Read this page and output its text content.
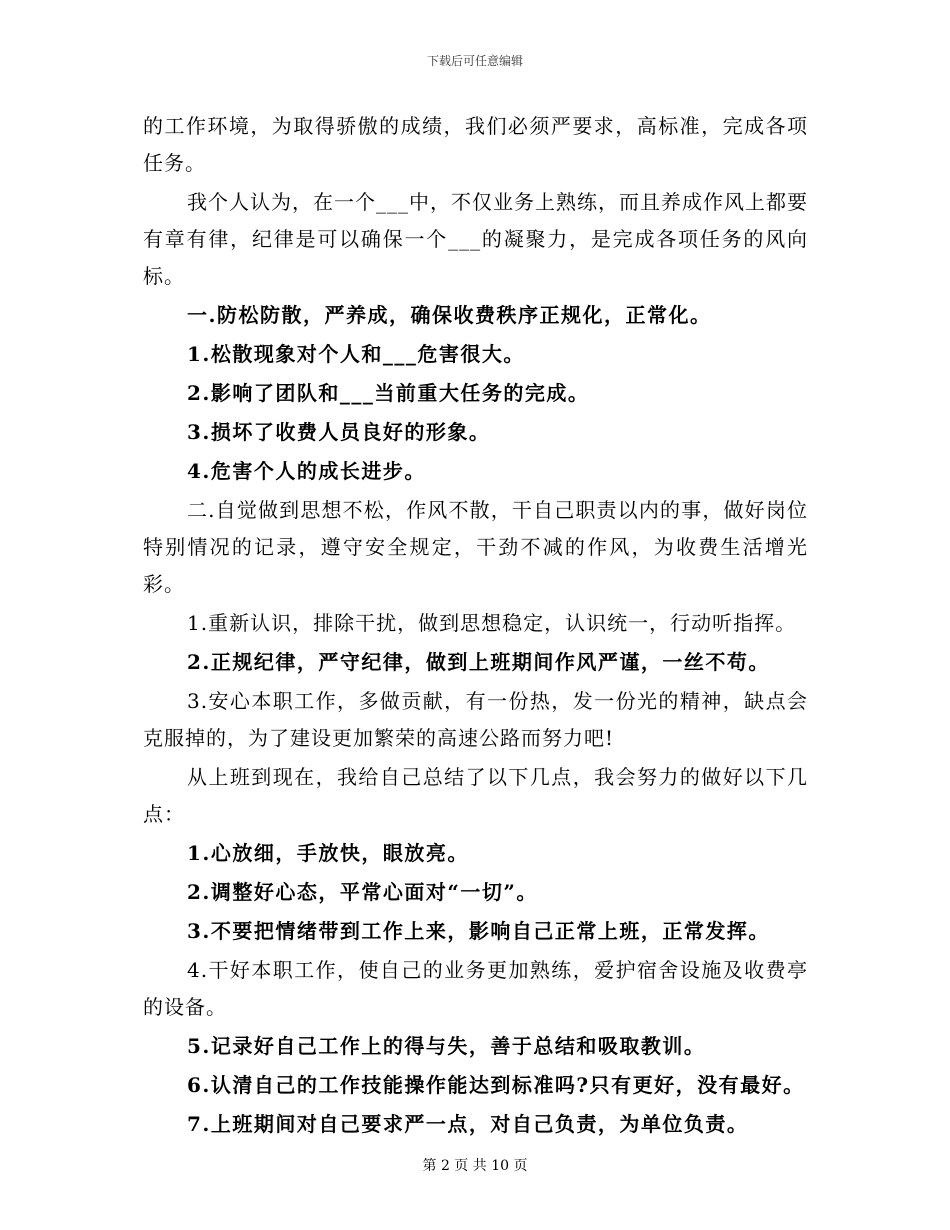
下载后可任意编辑

的工作环境，为取得骄傲的成绩，我们必须严要求，高标准，完成各项任务。

我个人认为，在一个___中，不仅业务上熟练，而且养成作风上都要有章有律，纪律是可以确保一个___的凝聚力，是完成各项任务的风向标。

一.防松防散，严养成，确保收费秩序正规化，正常化。

1.松散现象对个人和___危害很大。

2.影响了团队和___当前重大任务的完成。

3.损坏了收费人员良好的形象。

4.危害个人的成长进步。

二.自觉做到思想不松，作风不散，干自己职责以内的事，做好岗位特别情况的记录，遵守安全规定，干劲不减的作风，为收费生活增光彩。

1.重新认识，排除干扰，做到思想稳定，认识统一，行动听指挥。

2.正规纪律，严守纪律，做到上班期间作风严谨，一丝不苟。

3.安心本职工作，多做贡献，有一份热，发一份光的精神，缺点会克服掉的，为了建设更加繁荣的高速公路而努力吧!

从上班到现在，我给自己总结了以下几点，我会努力的做好以下几点：

1.心放细，手放快，眼放亮。

2.调整好心态，平常心面对“一切”。

3.不要把情绪带到工作上来，影响自己正常上班，正常发挥。

4.干好本职工作，使自己的业务更加熟练，爱护宿舍设施及收费亭的设备。

5.记录好自己工作上的得与失，善于总结和吸取教训。

6.认清自己的工作技能操作能达到标准吗?只有更好，没有最好。

7.上班期间对自己要求严一点，对自己负责，为单位负责。

第 2 页 共 10 页
